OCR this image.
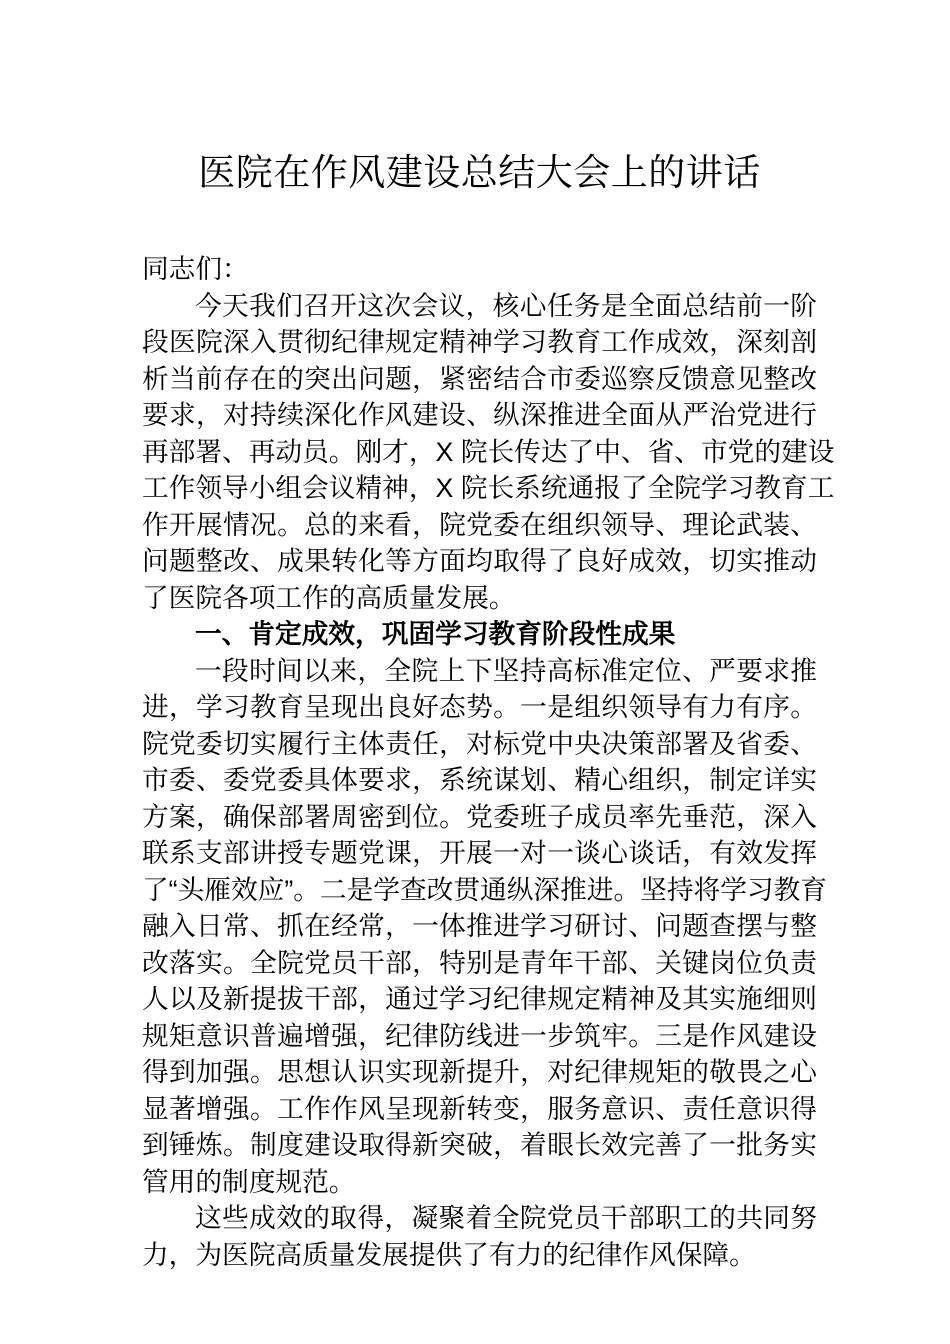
医院在作风建设总结大会上的讲话
同志们：
今天我们召开这次会议，核心任务是全面总结前一阶
段医院深入贯彻纪律规定精神学习教育工作成效，深刻剖
析当前存在的突出问题，紧密结合市委巡察反馈意见整改
要求，对持续深化作风建设、纵深推进全面从严治党进行
再部署、再动员。刚才，X 院长传达了中、省、市党的建设
工作领导小组会议精神，X 院长系统通报了全院学习教育工
作开展情况。总的来看，院党委在组织领导、理论武装、
问题整改、成果转化等方面均取得了良好成效，切实推动
了医院各项工作的高质量发展。
一、肯定成效，巩固学习教育阶段性成果
一段时间以来，全院上下坚持高标准定位、严要求推
进，学习教育呈现出良好态势。一是组织领导有力有序。
院党委切实履行主体责任，对标党中央决策部署及省委、
市委、委党委具体要求，系统谋划、精心组织，制定详实
方案，确保部署周密到位。党委班子成员率先垂范，深入
联系支部讲授专题党课，开展一对一谈心谈话，有效发挥
了“头雁效应”。二是学查改贯通纵深推进。坚持将学习教育
融入日常、抓在经常，一体推进学习研讨、问题查摆与整
改落实。全院党员干部，特别是青年干部、关键岗位负责
人以及新提拔干部，通过学习纪律规定精神及其实施细则
规矩意识普遍增强，纪律防线进一步筑牢。三是作风建设
得到加强。思想认识实现新提升，对纪律规矩的敬畏之心
显著增强。工作作风呈现新转变，服务意识、责任意识得
到锤炼。制度建设取得新突破，着眼长效完善了一批务实
管用的制度规范。
这些成效的取得，凝聚着全院党员干部职工的共同努
力，为医院高质量发展提供了有力的纪律作风保障。
